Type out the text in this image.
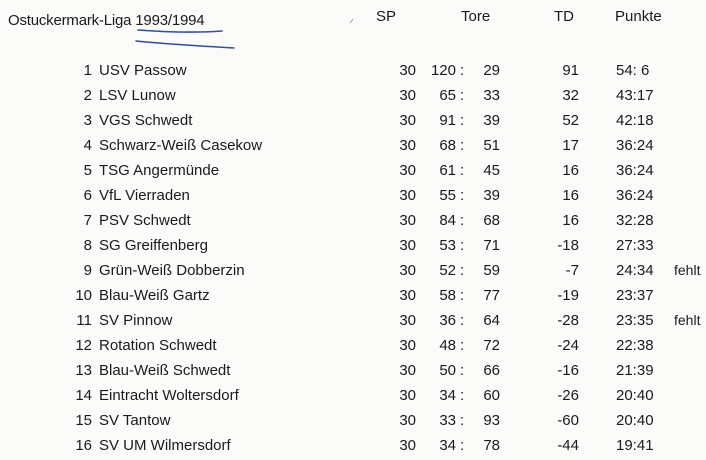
Ostuckermark-Liga 1993/1994	SP	Tore	TD	Punkte
1 USV Passow	30 120 :	29	91 54: 6
2 LSV Lunow	30	65 :	33	32 43:17
3 VGS Schwedt	30	91 :	39	52 42:18
4 Schwarz-Weiß Casekow	30	68 :	51	17 36:24
5 TSG Angermünde	30	61 :	45	16 36:24
6 VfL Vierraden	30	55 :	39	16 36:24
7 PSV Schwedt	30	84 :	68	16 32:28
8 SG Greiffenberg	30	53 :	71	-18 27:33
9 Grün-Weiß Dobberzin	30	52 :	59	-7 24:34 fehlt
10 Blau-Weiß Gartz	30	58 :	77	-19 23:37
11 SV Pinnow	30	36 :	64	-28 23:35 fehlt
12 Rotation Schwedt	30	48 :	72	-24 22:38
13 Blau-Weiß Schwedt	30	50 :	66	-16 21:39
14 Eintracht Woltersdorf	30	34 :	60	-26 20:40
15 SV Tantow	30	33 :	93	-60 20:40
16 SV UM Wilmersdorf	30	34 :	78	-44 19:41
